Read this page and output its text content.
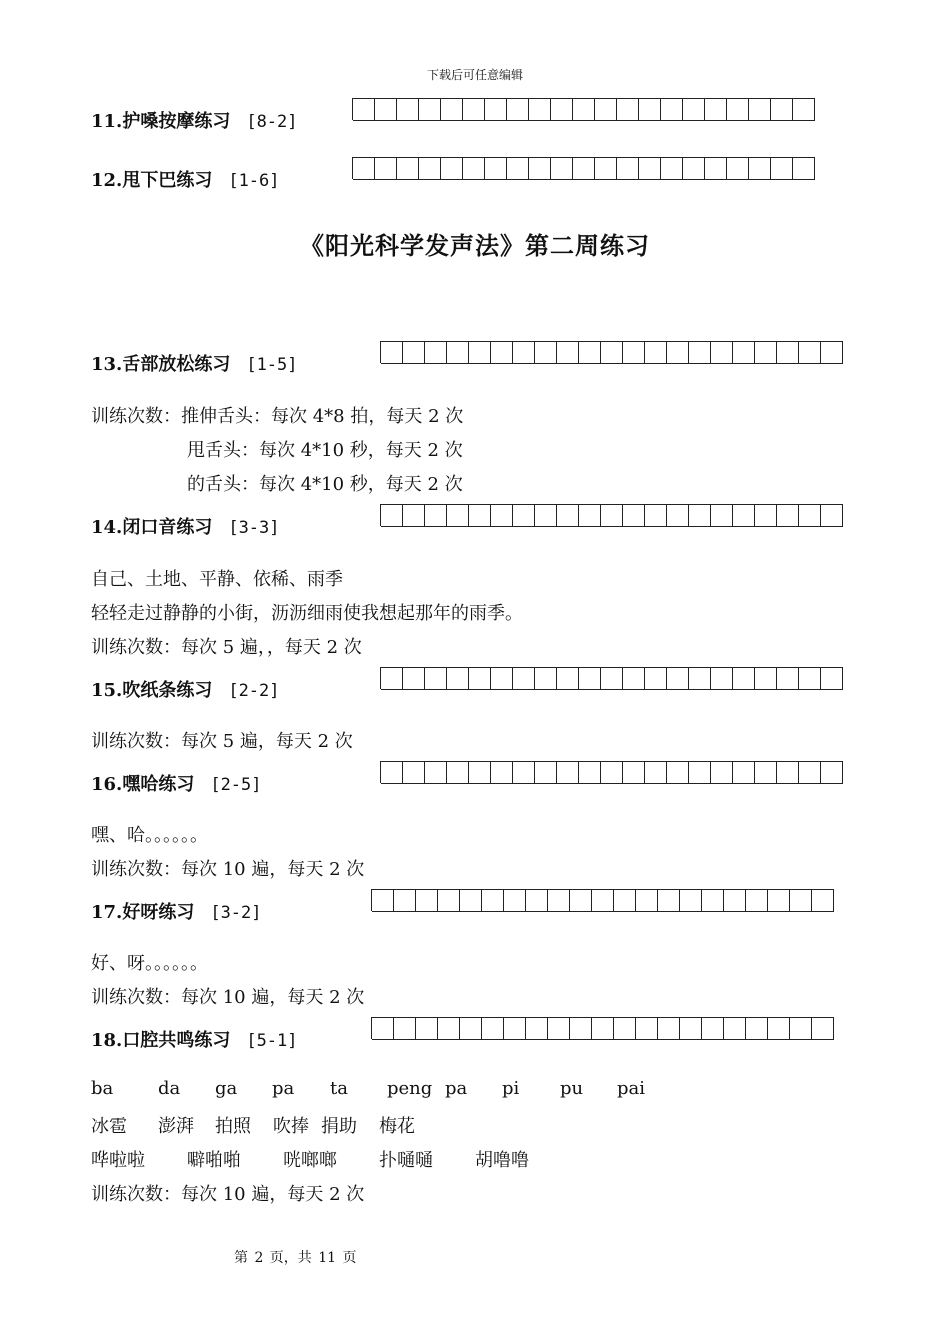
下载后可任意编辑
11.护嗓按摩练习 [8-2]
12.甩下巴练习 [1-6]
《阳光科学发声法》第二周练习
13.舌部放松练习 [1-5]
训练次数：推伸舌头：每次 4*8 拍，每天 2 次
甩舌头：每次 4*10 秒，每天 2 次
的舌头：每次 4*10 秒，每天 2 次
14.闭口音练习 [3-3]
自己、土地、平静、依稀、雨季
轻轻走过静静的小街，沥沥细雨使我想起那年的雨季。
训练次数：每次 5 遍，，每天 2 次
15.吹纸条练习 [2-2]
训练次数：每次 5 遍，每天 2 次
16.嘿哈练习 [2-5]
嘿、哈。。。。。。
训练次数：每次 10 遍，每天 2 次
17.好呀练习 [3-2]
好、呀。。。。。。
训练次数：每次 10 遍，每天 2 次
18.口腔共鸣练习 [5-1]
ba da ga pa ta peng pa pi pu pai
冰雹 澎湃 拍照 吹捧 捐助 梅花
哗啦啦 噼啪啪 咣啷啷 扑嗵嗵 胡噜噜
训练次数：每次 10 遍，每天 2 次
第 2 页，共 11 页
